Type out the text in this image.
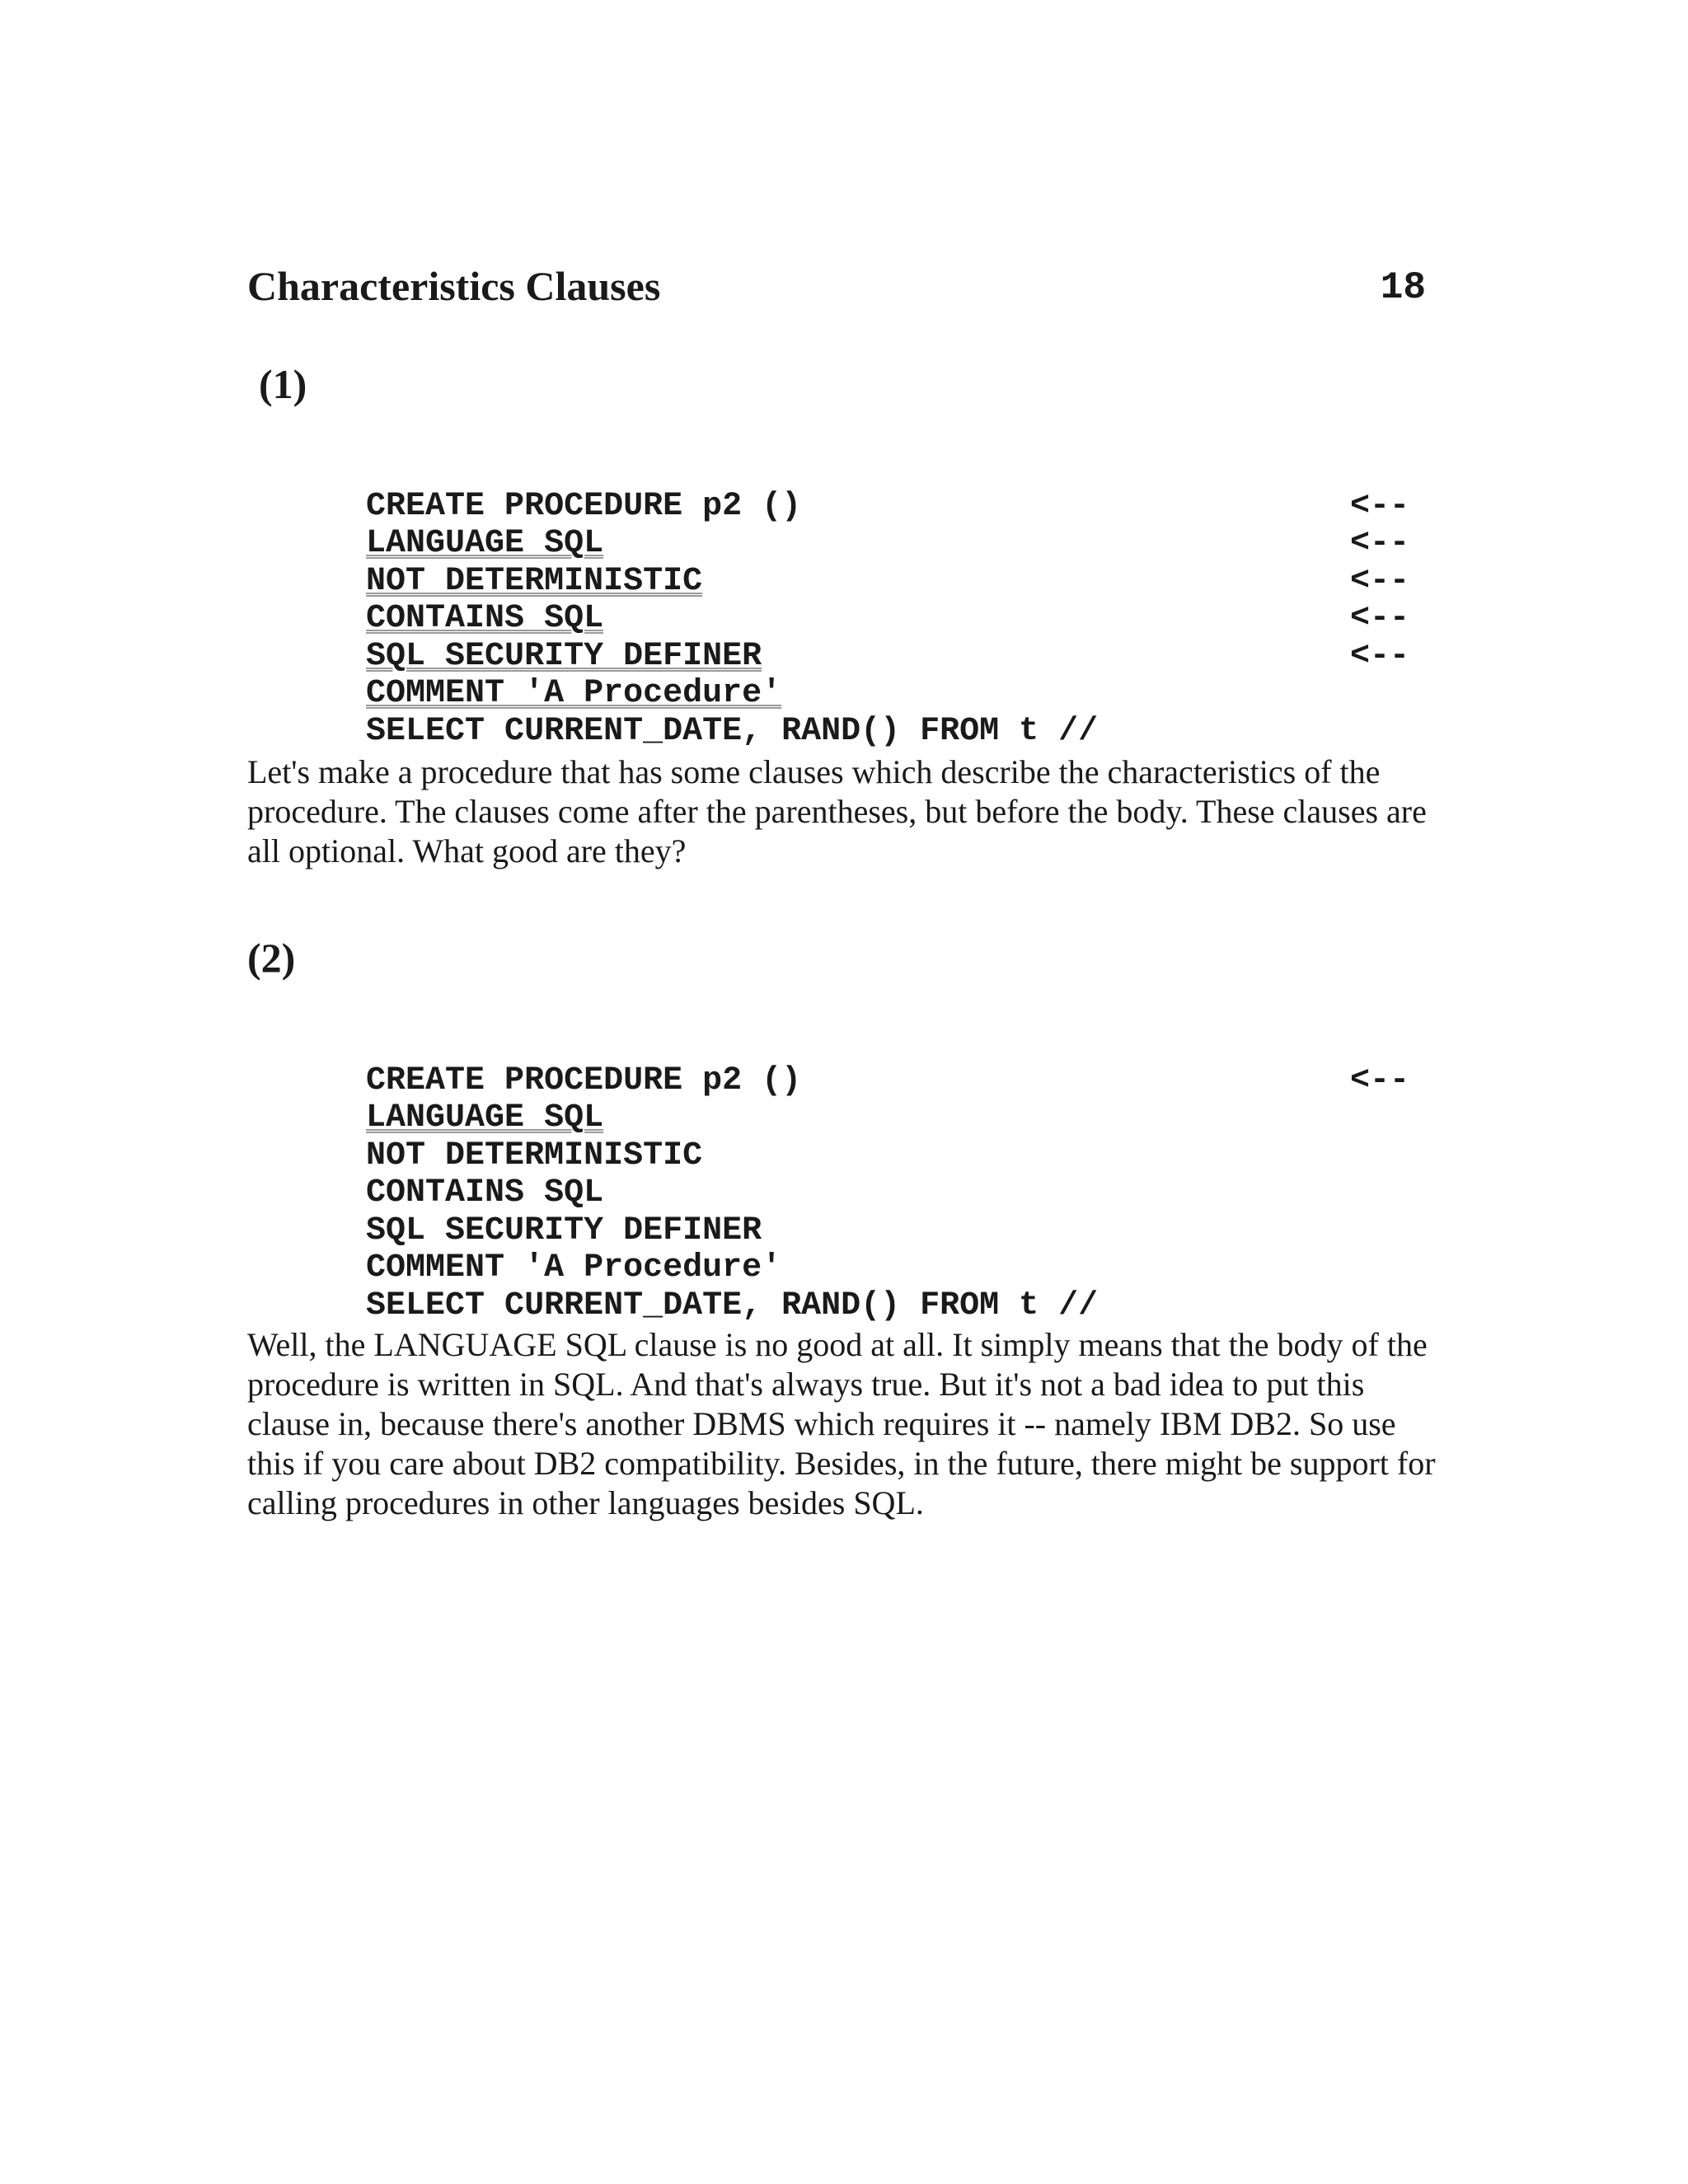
Characteristics Clauses	18
(1)

CREATE PROCEDURE p2 ()

LANGUAGE SQL

<--

NOT DETERMINISTIC

<--

CONTAINS SQL

<--

SQL SECURITY DEFINER

<--

COMMENT 'A Procedure'

<--

SELECT CURRENT_DATE, RAND() FROM t //

Let's make a procedure that has some clauses which describe the characteristics of the procedure. The clauses come after the parentheses, but before the body. These clauses are all optional. What good are they?
(2)

CREATE PROCEDURE p2 ()

LANGUAGE SQL

<--

NOT DETERMINISTIC

CONTAINS SQL

SQL SECURITY DEFINER

COMMENT 'A Procedure'

SELECT CURRENT_DATE, RAND() FROM t //

Well, the LANGUAGE SQL clause is no good at all. It simply means that the body of the procedure is written in SQL. And that's always true. But it's not a bad idea to put this clause in, because there's another DBMS which requires it -- namely IBM DB2. So use this if you care about DB2 compatibility. Besides, in the future, there might be support for calling procedures in other languages besides SQL.
